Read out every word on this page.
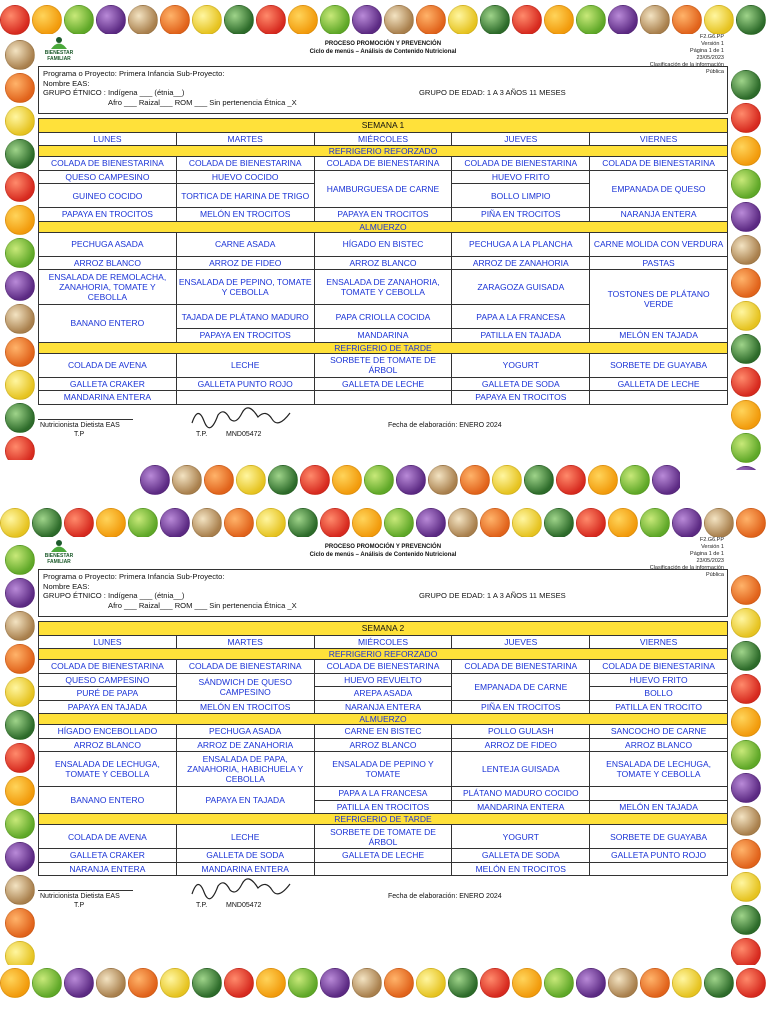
BIENESTAR FAMILIAR
PROCESO PROMOCIÓN Y PREVENCIÓN
Ciclo de menús – Análisis de Contenido Nutricional
F2.G6.PP
Versión 1
Página 1 de 1
23/05/2023
Clasificación de la información Pública
Programa o Proyecto: Primera Infancia Sub-Proyecto:
Nombre EAS:
GRUPO ÉTNICO : Indígena ___ (étnia__)
Afro ___ Raizal___ ROM ___ Sin pertenencia Étnica _X
GRUPO DE EDAD: 1 A 3 AÑOS 11 MESES
SEMANA 1				
LUNES	MARTES	MIÉRCOLES	JUEVES	VIERNES
REFRIGERIO REFORZADO				
COLADA DE BIENESTARINA	COLADA DE BIENESTARINA	COLADA DE BIENESTARINA	COLADA DE BIENESTARINA	COLADA DE BIENESTARINA
QUESO CAMPESINO	HUEVO COCIDO	HAMBURGUESA DE CARNE	HUEVO FRITO	EMPANADA DE QUESO
GUINEO COCIDO	TORTICA DE HARINA DE TRIGO		BOLLO LIMPIO	
PAPAYA EN TROCITOS	MELÓN EN TROCITOS	PAPAYA EN TROCITOS	PIÑA EN TROCITOS	NARANJA ENTERA
ALMUERZO				
PECHUGA ASADA	CARNE ASADA	HÍGADO EN BISTEC	PECHUGA A LA PLANCHA	CARNE MOLIDA CON VERDURA
ARROZ BLANCO	ARROZ DE FIDEO	ARROZ BLANCO	ARROZ DE ZANAHORIA	PASTAS
ENSALADA DE REMOLACHA, ZANAHORIA, TOMATE Y CEBOLLA	ENSALADA DE PEPINO, TOMATE Y CEBOLLA	ENSALADA DE ZANAHORIA, TOMATE Y CEBOLLA	ZARAGOZA GUISADA	TOSTONES DE PLÁTANO VERDE
BANANO ENTERO	TAJADA DE PLÁTANO MADURO	PAPA CRIOLLA COCIDA	PAPA A LA FRANCESA	
	PAPAYA EN TROCITOS	MANDARINA	PATILLA EN TAJADA	MELÓN EN TAJADA
REFRIGERIO DE TARDE				
COLADA DE AVENA	LECHE	SORBETE DE TOMATE DE ÁRBOL	YOGURT	SORBETE DE GUAYABA
GALLETA CRAKER	GALLETA PUNTO ROJO	GALLETA DE LECHE	GALLETA DE SODA	GALLETA DE LECHE
MANDARINA ENTERA			PAPAYA EN TROCITOS	
Nutricionista Dietista EAS
T.P	T.P.	MND05472
Fecha de elaboración: ENERO 2024
BIENESTAR FAMILIAR
PROCESO PROMOCIÓN Y PREVENCIÓN
Ciclo de menús – Análisis de Contenido Nutricional
F2.G6.PP
Versión 1
Página 1 de 1
23/05/2023
Clasificación de la información Pública
Programa o Proyecto: Primera Infancia Sub-Proyecto:
Nombre EAS:
GRUPO ÉTNICO : Indígena ___ (étnia__)
Afro ___ Raizal___ ROM ___ Sin pertenencia Étnica _X
GRUPO DE EDAD: 1 A 3 AÑOS 11 MESES
SEMANA 2				
LUNES	MARTES	MIÉRCOLES	JUEVES	VIERNES
REFRIGERIO REFORZADO				
COLADA DE BIENESTARINA	COLADA DE BIENESTARINA	COLADA DE BIENESTARINA	COLADA DE BIENESTARINA	COLADA DE BIENESTARINA
QUESO CAMPESINO	SÁNDWICH DE QUESO CAMPESINO	HUEVO REVUELTO	EMPANADA DE CARNE	HUEVO FRITO
PURÉ DE PAPA		AREPA ASADA		BOLLO
PAPAYA EN TAJADA	MELÓN EN TROCITOS	NARANJA ENTERA	PIÑA EN TROCITOS	PATILLA EN TROCITO
ALMUERZO				
HÍGADO ENCEBOLLADO	PECHUGA ASADA	CARNE EN BISTEC	POLLO GULASH	SANCOCHO DE CARNE
ARROZ BLANCO	ARROZ DE ZANAHORIA	ARROZ BLANCO	ARROZ DE FIDEO	ARROZ BLANCO
ENSALADA DE LECHUGA, TOMATE Y CEBOLLA	ENSALADA DE PAPA, ZANAHORIA, HABICHUELA Y CEBOLLA	ENSALADA DE PEPINO Y TOMATE	LENTEJA GUISADA	ENSALADA DE LECHUGA, TOMATE Y CEBOLLA
BANANO ENTERO	PAPAYA EN TAJADA	PAPA A LA FRANCESA	PLÁTANO MADURO COCIDO	
		PATILLA EN TROCITOS	MANDARINA ENTERA	MELÓN EN TAJADA
REFRIGERIO DE TARDE				
COLADA DE AVENA	LECHE	SORBETE DE TOMATE DE ÁRBOL	YOGURT	SORBETE DE GUAYABA
GALLETA CRAKER	GALLETA DE SODA	GALLETA DE LECHE	GALLETA DE SODA	GALLETA PUNTO ROJO
NARANJA ENTERA	MANDARINA ENTERA		MELÓN EN TROCITOS	
Nutricionista Dietista EAS
T.P	T.P.	MND05472
Fecha de elaboración: ENERO 2024
